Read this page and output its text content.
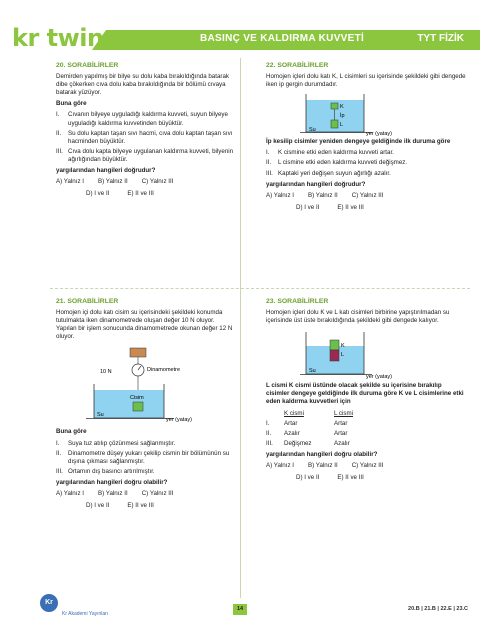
kr twins	BASINÇ VE KALDIRMA KUVVETİ	TYT FİZİK
20. SORABİLİRLER

Demirden yapılmış bir bilye su dolu kaba bırakıldığında batarak dibe çökerken cıva dolu kaba bırakıldığında bir bölümü cıvaya batarak yüzüyor.

Buna göre

I.	Cıvanın bilyeye uyguladığı kaldırma kuvveti, suyun bilyeye uyguladığı kaldırma kuvvetinden büyüktür.
II.	Su dolu kaptan taşan sıvı hacmi, cıva dolu kaptan taşan sıvı hacminden büyüktür.
III. Cıva dolu kapta bilyeye uygulanan kaldırma kuvveti, bilyenin ağırlığından büyüktür.

yargılarından hangileri doğrudur?

A) Yalnız I B) Yalnız II C) Yalnız III
D) I ve II	E) II ve III
22. SORABİLİRLER

Homojen içleri dolu katı K, L cisimleri su içerisinde şekildeki gibi dengede iken ip gergin durumdadır.

K
İp
L
Su
yer (yatay)

İp kesilip cisimler yeniden dengeye geldiğinde ilk duruma göre

I.	K cismine etki eden kaldırma kuvveti artar.
II.	L cismine etki eden kaldırma kuvveti değişmez.
III. Kaptaki yeri değişen suyun ağırlığı azalır.

yargılarından hangileri doğrudur?

A) Yalnız I B) Yalnız II C) Yalnız III
D) I ve II	E) II ve III
21. SORABİLİRLER

Homojen içi dolu katı cisim su içerisindeki şekildeki konumda tutulmakta iken dinamometrede oluşan değer 10 N oluyor. Yapılan bir işlem sonucunda dinamometrede okunan değer 12 N oluyor.

10 N	Dinamometre
Cisim
Su
yer (yatay)

Buna göre

I.	Suya tuz atılıp çözünmesi sağlanmıştır.
II.	Dinamometre düşey yukarı çekilip cismin bir bölümünün su dışına çıkması sağlanmıştır.
III. Ortamın dış basıncı artırılmıştır.

yargılarından hangileri doğru olabilir?

A) Yalnız I B) Yalnız II C) Yalnız III
D) I ve II	E) II ve III
23. SORABİLİRLER

Homojen içleri dolu K ve L katı cisimleri birbirine yapıştırılmadan su içerisinde üst üste bırakıldığında şekildeki gibi dengede kalıyor.

K
L
Su
yer (yatay)

L cismi K cismi üstünde olacak şekilde su içerisine bırakılıp cisimler dengeye geldiğinde ilk duruma göre K ve L cisimlerine etki eden kaldırma kuvvetleri için

K cismi	L cismi
I.	Artar	Artar
II.	Azalır	Artar
III.	Değişmez	Azalır

yargılarından hangileri doğru olabilir?

A) Yalnız I B) Yalnız II C) Yalnız III
D) I ve II	E) II ve III
Kr
Kr Akademi Yayınları
14	20.B | 21.B | 22.E | 23.C
